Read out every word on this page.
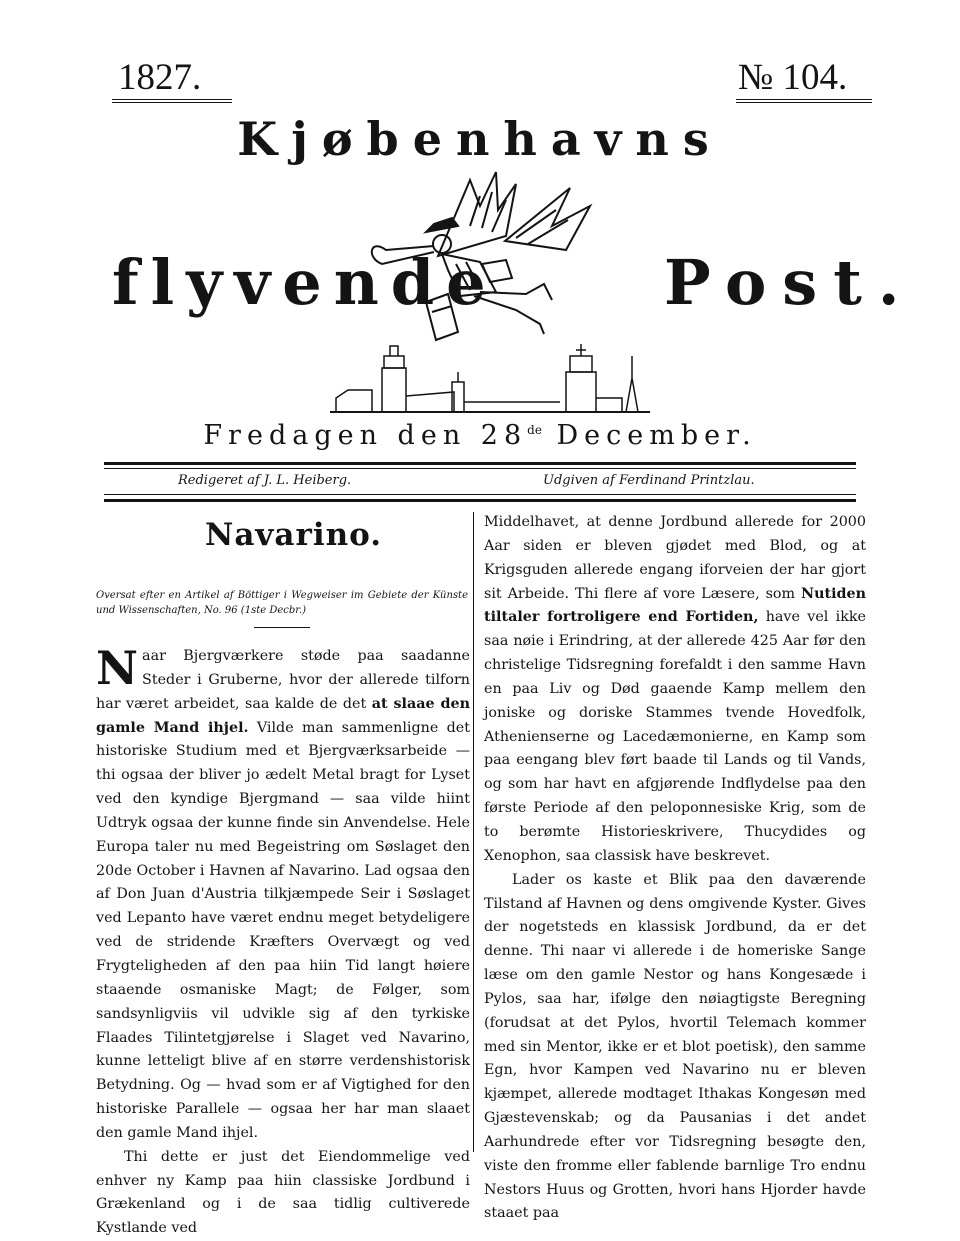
1827.	№ 104.
Kjøbenhavns
flyvende	Post.
Fredagen den 28de December.
Redigeret af J. L. Heiberg.	Udgiven af Ferdinand Printzlau.
Navarino.
Oversat efter en Artikel af Böttiger i Wegweiser im Gebiete der Künste und Wissenschaften, No. 96 (1ste Decbr.)

Naar Bjergværkere støde paa saadanne Steder i Gruberne, hvor der allerede tilforn har været arbeidet, saa kalde de det at slaae den gamle Mand ihjel. Vilde man sammenligne det historiske Studium med et Bjergværksarbeide — thi ogsaa der bliver jo ædelt Metal bragt for Lyset ved den kyndige Bjergmand — saa vilde hiint Udtryk ogsaa der kunne finde sin Anvendelse. Hele Europa taler nu med Begeistring om Søslaget den 20de October i Havnen af Navarino. Lad ogsaa den af Don Juan d'Austria tilkjæmpede Seir i Søslaget ved Lepanto have været endnu meget betydeligere ved de stridende Kræfters Overvægt og ved Frygteligheden af den paa hiin Tid langt høiere staaende osmaniske Magt; de Følger, som sandsynligviis vil udvikle sig af den tyrkiske Flaades Tilintetgjørelse i Slaget ved Navarino, kunne letteligt blive af en større verdenshistorisk Betydning. Og — hvad som er af Vigtighed for den historiske Parallele — ogsaa her har man slaaet den gamle Mand ihjel.

Thi dette er just det Eiendommelige ved enhver ny Kamp paa hiin classiske Jordbund i Grækenland og i de saa tidlig cultiverede Kystlande ved

Middelhavet, at denne Jordbund allerede for 2000 Aar siden er bleven gjødet med Blod, og at Krigsguden allerede engang iforveien der har gjort sit Arbeide. Thi flere af vore Læsere, som Nutiden tiltaler fortroligere end Fortiden, have vel ikke saa nøie i Erindring, at der allerede 425 Aar før den christelige Tidsregning forefaldt i den samme Havn en paa Liv og Død gaaende Kamp mellem den joniske og doriske Stammes tvende Hovedfolk, Athenienserne og Lacedæmonierne, en Kamp som paa eengang blev ført baade til Lands og til Vands, og som har havt en afgjørende Indflydelse paa den første Periode af den peloponnesiske Krig, som de to berømte Historieskrivere, Thucydides og Xenophon, saa classisk have beskrevet.

Lader os kaste et Blik paa den daværende Tilstand af Havnen og dens omgivende Kyster. Gives der nogetsteds en klassisk Jordbund, da er det denne. Thi naar vi allerede i de homeriske Sange læse om den gamle Nestor og hans Kongesæde i Pylos, saa har, ifølge den nøiagtigste Beregning (forudsat at det Pylos, hvortil Telemach kommer med sin Mentor, ikke er et blot poetisk), den samme Egn, hvor Kampen ved Navarino nu er bleven kjæmpet, allerede modtaget Ithakas Kongesøn med Gjæstevenskab; og da Pausanias i det andet Aarhundrede efter vor Tidsregning besøgte den, viste den fromme eller fablende barnlige Tro endnu Nestors Huus og Grotten, hvori hans Hjorder havde staaet paa
